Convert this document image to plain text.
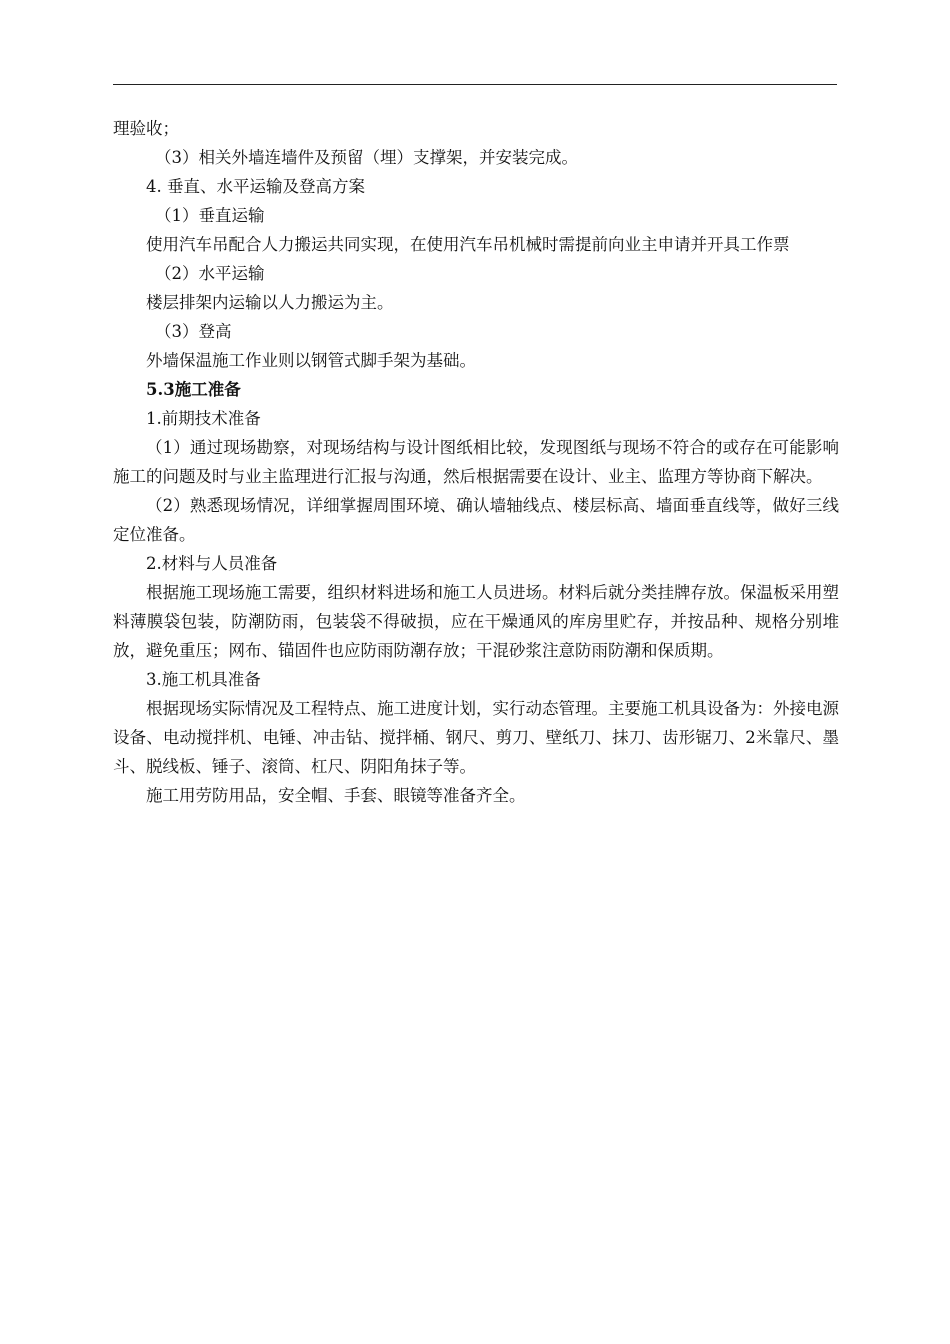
理验收；

（3）相关外墙连墙件及预留（埋）支撑架，并安装完成。

4. 垂直、水平运输及登高方案

（1）垂直运输

使用汽车吊配合人力搬运共同实现，在使用汽车吊机械时需提前向业主申请并开具工作票

（2）水平运输

楼层排架内运输以人力搬运为主。

（3）登高

外墙保温施工作业则以钢管式脚手架为基础。

5.3施工准备

1.前期技术准备

（1）通过现场勘察，对现场结构与设计图纸相比较，发现图纸与现场不符合的或存在可能影响施工的问题及时与业主监理进行汇报与沟通，然后根据需要在设计、业主、监理方等协商下解决。

（2）熟悉现场情况，详细掌握周围环境、确认墙轴线点、楼层标高、墙面垂直线等，做好三线定位准备。

2.材料与人员准备

根据施工现场施工需要，组织材料进场和施工人员进场。材料后就分类挂牌存放。保温板采用塑料薄膜袋包装，防潮防雨，包装袋不得破损，应在干燥通风的库房里贮存，并按品种、规格分别堆放，避免重压；网布、锚固件也应防雨防潮存放；干混砂浆注意防雨防潮和保质期。

3.施工机具准备

根据现场实际情况及工程特点、施工进度计划，实行动态管理。主要施工机具设备为：外接电源设备、电动搅拌机、电锤、冲击钻、搅拌桶、钢尺、剪刀、壁纸刀、抹刀、齿形锯刀、2米靠尺、墨斗、脱线板、锤子、滚筒、杠尺、阴阳角抹子等。

施工用劳防用品，安全帽、手套、眼镜等准备齐全。
